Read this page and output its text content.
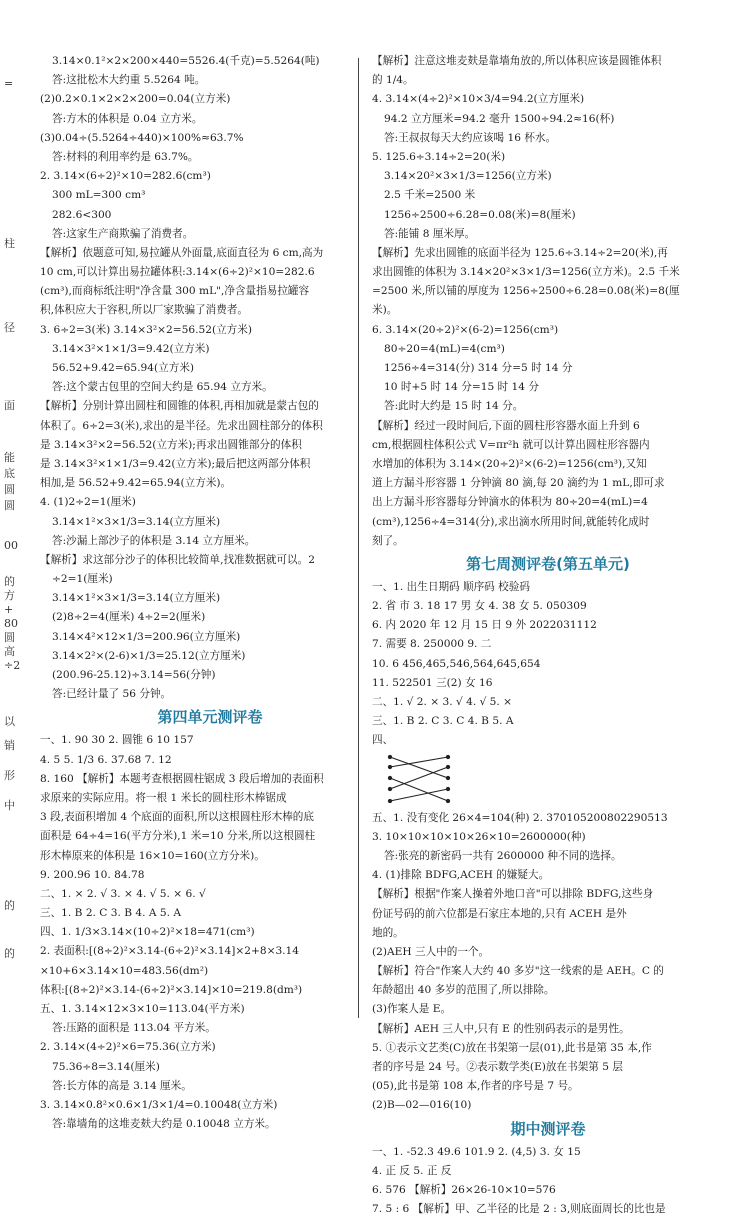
=
柱
径
面
能
底
圆
圆
00
的
方
+
80
圆
高
÷2
以
销
形
中
的
的
3.14×0.1²×2×200×440=5526.4(千克)=5.5264(吨)
答:这批松木大约重 5.5264 吨。
(2)0.2×0.1×2×2×200=0.04(立方米)
答:方木的体积是 0.04 立方米。
(3)0.04÷(5.5264÷440)×100%≈63.7%
答:材料的利用率约是 63.7%。
2. 3.14×(6÷2)²×10=282.6(cm³)
300 mL=300 cm³
282.6<300
答:这家生产商欺骗了消费者。
【解析】依题意可知,易拉罐从外面量,底面直径为 6 cm,高为
10 cm,可以计算出易拉罐体积:3.14×(6÷2)²×10=282.6
(cm³),而商标纸注明"净含量 300 mL",净含量指易拉罐容
积,体积应大于容积,所以厂家欺骗了消费者。
3. 6÷2=3(米) 3.14×3²×2=56.52(立方米)
3.14×3²×1×1/3=9.42(立方米)
56.52+9.42=65.94(立方米)
答:这个蒙古包里的空间大约是 65.94 立方米。
【解析】分别计算出圆柱和圆锥的体积,再相加就是蒙古包的
体积了。6÷2=3(米),求出的是半径。先求出圆柱部分的体积
是 3.14×3²×2=56.52(立方米);再求出圆锥部分的体积
是 3.14×3²×1×1/3=9.42(立方米);最后把这两部分体积
相加,是 56.52+9.42=65.94(立方米)。
4. (1)2÷2=1(厘米)
3.14×1²×3×1/3=3.14(立方厘米)
答:沙漏上部沙子的体积是 3.14 立方厘米。
【解析】求这部分沙子的体积比较简单,找准数据就可以。2
÷2=1(厘米)
3.14×1²×3×1/3=3.14(立方厘米)
(2)8÷2=4(厘米) 4÷2=2(厘米)
3.14×4²×12×1/3=200.96(立方厘米)
3.14×2²×(2-6)×1/3=25.12(立方厘米)
(200.96-25.12)÷3.14=56(分钟)
答:已经计量了 56 分钟。
第四单元测评卷
一、1. 90 30 2. 圆锥 6 10 157
4. 5 5. 1/3 6. 37.68 7. 12
8. 160 【解析】本题考查根据圆柱锯成 3 段后增加的表面积
求原来的实际应用。将一根 1 米长的圆柱形木棒锯成
3 段,表面积增加 4 个底面的面积,所以这根圆柱形木棒的底
面积是 64÷4=16(平方分米),1 米=10 分米,所以这根圆柱
形木棒原来的体积是 16×10=160(立方分米)。
9. 200.96 10. 84.78
二、1. × 2. √ 3. × 4. √ 5. × 6. √
三、1. B 2. C 3. B 4. A 5. A
四、1. 1/3×3.14×(10÷2)²×18=471(cm³)
2. 表面积:[(8÷2)²×3.14-(6÷2)²×3.14]×2+8×3.14
×10+6×3.14×10=483.56(dm²)
体积:[(8÷2)²×3.14-(6÷2)²×3.14]×10=219.8(dm³)
五、1. 3.14×12×3×10=113.04(平方米)
答:压路的面积是 113.04 平方米。
2. 3.14×(4÷2)²×6=75.36(立方米)
75.36÷8=3.14(厘米)
答:长方体的高是 3.14 厘米。
3. 3.14×0.8²×0.6×1/3×1/4=0.10048(立方米)
答:靠墙角的这堆麦麸大约是 0.10048 立方米。
【解析】注意这堆麦麸是靠墙角放的,所以体积应该是圆锥体积
的 1/4。
4. 3.14×(4÷2)²×10×3/4=94.2(立方厘米)
94.2 立方厘米=94.2 毫升 1500÷94.2≈16(杯)
答:王叔叔每天大约应该喝 16 杯水。
5. 125.6÷3.14÷2=20(米)
3.14×20²×3×1/3=1256(立方米)
2.5 千米=2500 米
1256÷2500÷6.28=0.08(米)=8(厘米)
答:能铺 8 厘米厚。
【解析】先求出圆锥的底面半径为 125.6÷3.14÷2=20(米),再
求出圆锥的体积为 3.14×20²×3×1/3=1256(立方米)。2.5 千米
=2500 米,所以铺的厚度为 1256÷2500÷6.28=0.08(米)=8(厘
米)。
6. 3.14×(20÷2)²×(6-2)=1256(cm³)
80÷20=4(mL)=4(cm³)
1256÷4=314(分) 314 分=5 时 14 分
10 时+5 时 14 分=15 时 14 分
答:此时大约是 15 时 14 分。
【解析】经过一段时间后,下面的圆柱形容器水面上升到 6
cm,根据圆柱体积公式 V=πr²h 就可以计算出圆柱形容器内
水增加的体积为 3.14×(20÷2)²×(6-2)=1256(cm³),又知
道上方漏斗形容器 1 分钟滴 80 滴,每 20 滴约为 1 mL,即可求
出上方漏斗形容器每分钟滴水的体积为 80÷20=4(mL)=4
(cm³),1256÷4=314(分),求出滴水所用时间,就能转化成时
刻了。
第七周测评卷(第五单元)
一、1. 出生日期码 顺序码 校验码
2. 省 市 3. 18 17 男 女 4. 38 女 5. 050309
6. 内 2020 年 12 月 15 日 9 外 2022031112
7. 需要 8. 250000 9. 二
10. 6 456,465,546,564,645,654
11. 522501 三(2) 女 16
二、1. √ 2. × 3. √ 4. √ 5. ×
三、1. B 2. C 3. C 4. B 5. A
四、
五、1. 没有变化 26×4=104(种) 2. 370105200802290513
3. 10×10×10×10×26×10=2600000(种)
答:张亮的新密码一共有 2600000 种不同的选择。
4. (1)排除 BDFG,ACEH 的嫌疑大。
【解析】根据"作案人操着外地口音"可以排除 BDFG,这些身
份证号码的前六位都是石家庄本地的,只有 ACEH 是外
地的。
(2)AEH 三人中的一个。
【解析】符合"作案人大约 40 多岁"这一线索的是 AEH。C 的
年龄超出 40 多岁的范围了,所以排除。
(3)作案人是 E。
【解析】AEH 三人中,只有 E 的性别码表示的是男性。
5. ①表示文艺类(C)放在书架第一层(01),此书是第 35 本,作
者的序号是 24 号。②表示数学类(E)放在书架第 5 层
(05),此书是第 108 本,作者的序号是 7 号。
(2)B—02—016(10)
期中测评卷
一、1. -52.3 49.6 101.9 2. (4,5) 3. 女 15
4. 正 反 5. 正 反
6. 576 【解析】26×26-10×10=576
7. 5 : 6 【解析】甲、乙半径的比是 2 : 3,则底面周长的比也是
